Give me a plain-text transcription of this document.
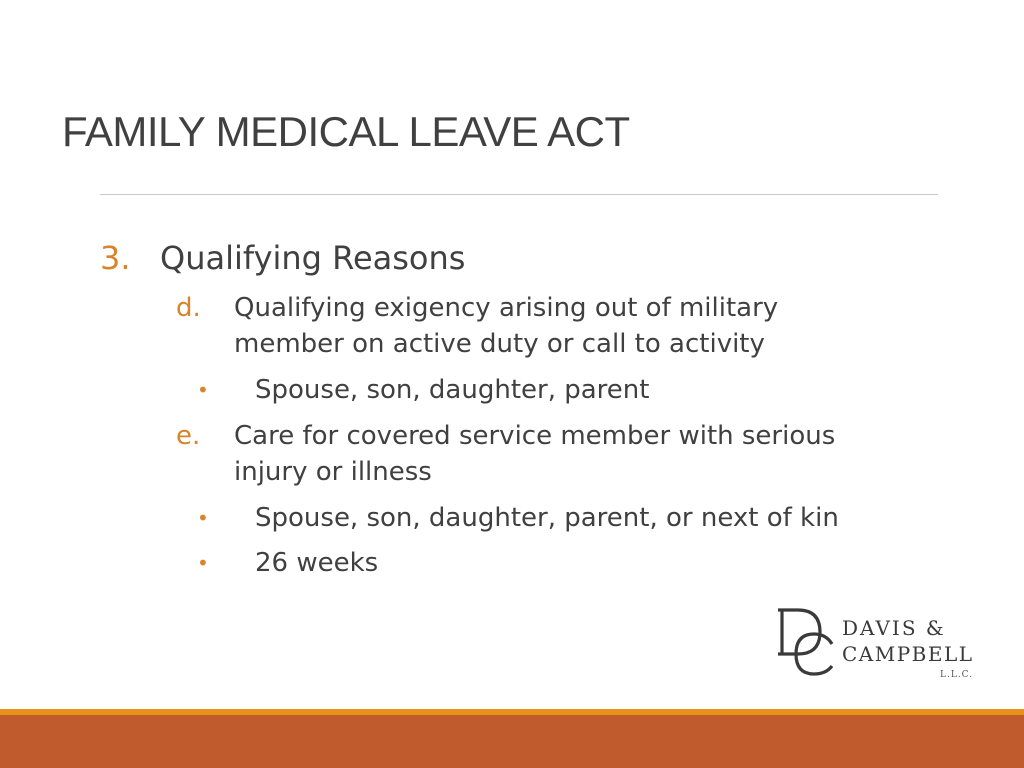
FAMILY MEDICAL LEAVE ACT
3. Qualifying Reasons
d. Qualifying exigency arising out of military member on active duty or call to activity
• Spouse, son, daughter, parent
e. Care for covered service member with serious injury or illness
• Spouse, son, daughter, parent, or next of kin
• 26 weeks
DAVIS &
CAMPBELL
L.L.C.
